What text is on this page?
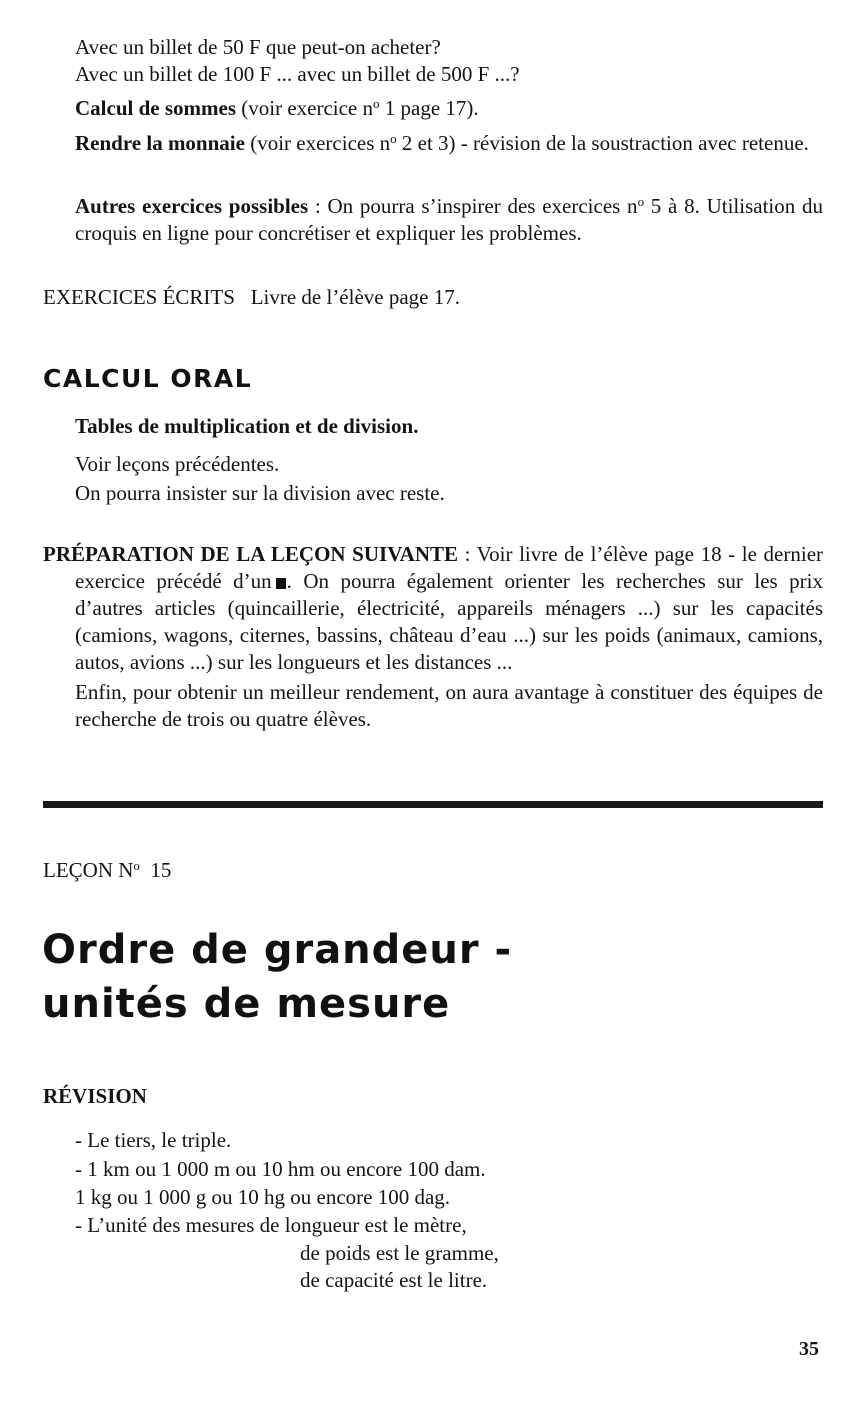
Avec un billet de 50 F que peut-on acheter?

Avec un billet de 100 F ... avec un billet de 500 F ...?

Calcul de sommes (voir exercice $n^o$ 1 page 17).

Rendre la monnaie (voir exercices $n^o$ 2 et 3) - révision de la soustraction avec retenue.

Autres exercices possibles : On pourra s’inspirer des exercices $n^o$ 5 à 8. Utilisation du croquis en ligne pour concrétiser et expliquer les problèmes.

EXERCICES ÉCRITS Livre de l’élève page 17.

CALCUL ORAL

Tables de multiplication et de division.

Voir leçons précédentes.

On pourra insister sur la division avec reste.

PRÉPARATION DE LA LEÇON SUIVANTE : Voir livre de l’élève page 18 - le dernier exercice précédé d’un . On pourra également orienter les recherches sur les prix d’autres articles (quincaillerie, électricité, appareils ménagers ...) sur les capacités (camions, wagons, citernes, bassins, château d’eau ...) sur les poids (animaux, camions, autos, avions ...) sur les longueurs et les distances ...

Enfin, pour obtenir un meilleur rendement, on aura avantage à constituer des équipes de recherche de trois ou quatre élèves.

LEÇON $N^o$ 15

Ordre de grandeur -
unités de mesure

RÉVISION

- Le tiers, le triple.

- 1 km ou 1 000 m ou 10 hm ou encore 100 dam.

1 kg ou 1 000 g ou 10 hg ou encore 100 dag.

- L’unité des mesures de longueur est le mètre,

de poids est le gramme,

de capacité est le litre.

35
